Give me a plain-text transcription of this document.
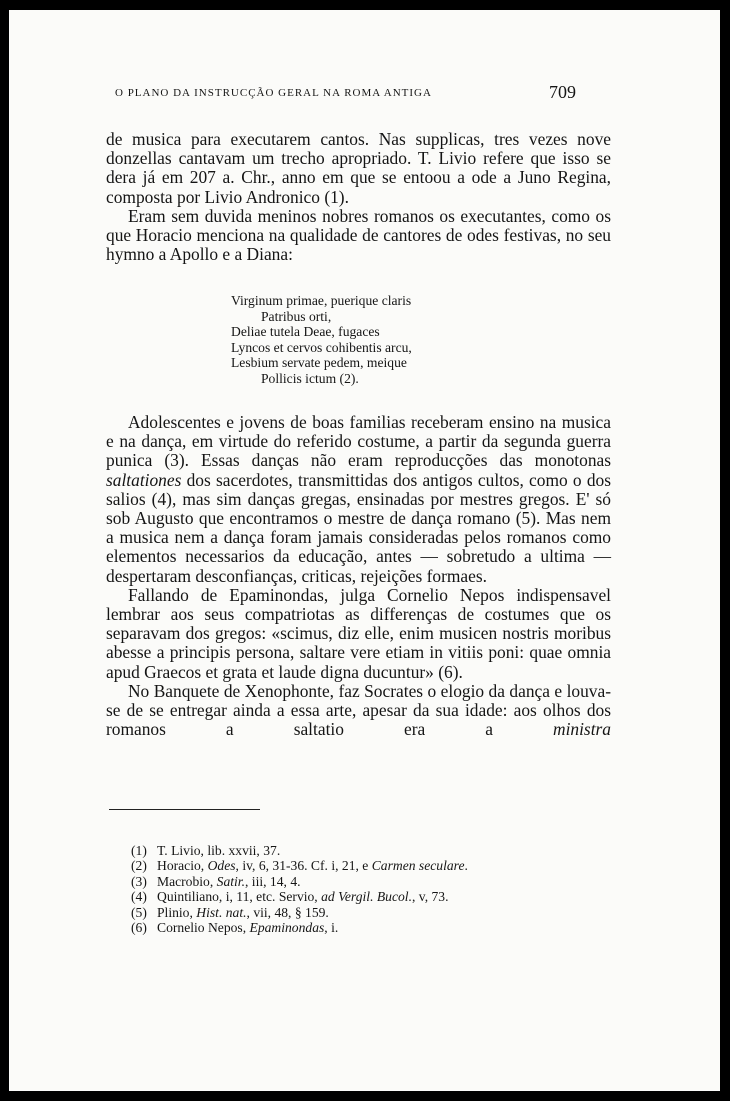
O PLANO DA INSTRUCÇÃO GERAL NA ROMA ANTIGA	709

de musica para executarem cantos. Nas supplicas, tres vezes nove donzellas cantavam um trecho apropriado. T. Livio refere que isso se dera já em 207 a. Chr., anno em que se entoou a ode a Juno Regina, composta por Livio Andronico (1).

Eram sem duvida meninos nobres romanos os executantes, como os que Horacio menciona na qualidade de cantores de odes festivas, no seu hymno a Apollo e a Diana:

Virginum primae, puerique claris
Patribus orti,
Deliae tutela Deae, fugaces
Lyncos et cervos cohibentis arcu,
Lesbium servate pedem, meique
Pollicis ictum (2).

Adolescentes e jovens de boas familias receberam ensino na musica e na dança, em virtude do referido costume, a partir da segunda guerra punica (3). Essas danças não eram reproducções das monotonas saltationes dos sacerdotes, transmittidas dos antigos cultos, como o dos salios (4), mas sim danças gregas, ensinadas por mestres gregos. E' só sob Augusto que encontramos o mestre de dança romano (5). Mas nem a musica nem a dança foram jamais consideradas pelos romanos como elementos necessarios da educação, antes — sobretudo a ultima — despertaram desconfianças, criticas, rejeições formaes.

Fallando de Epaminondas, julga Cornelio Nepos indispensavel lembrar aos seus compatriotas as differenças de costumes que os separavam dos gregos: «scimus, diz elle, enim musicen nostris moribus abesse a principis persona, saltare vere etiam in vitiis poni: quae omnia apud Graecos et grata et laude digna ducuntur» (6).

No Banquete de Xenophonte, faz Socrates o elogio da dança e louva-se de se entregar ainda a essa arte, apesar da sua idade: aos olhos dos romanos a saltatio era a ministra

(1) T. Livio, lib. xxvii, 37.
(2) Horacio, Odes, iv, 6, 31-36. Cf. i, 21, e Carmen seculare.
(3) Macrobio, Satir., iii, 14, 4.
(4) Quintiliano, i, 11, etc. Servio, ad Vergil. Bucol., v, 73.
(5) Plinio, Hist. nat., vii, 48, § 159.
(6) Cornelio Nepos, Epaminondas, i.
